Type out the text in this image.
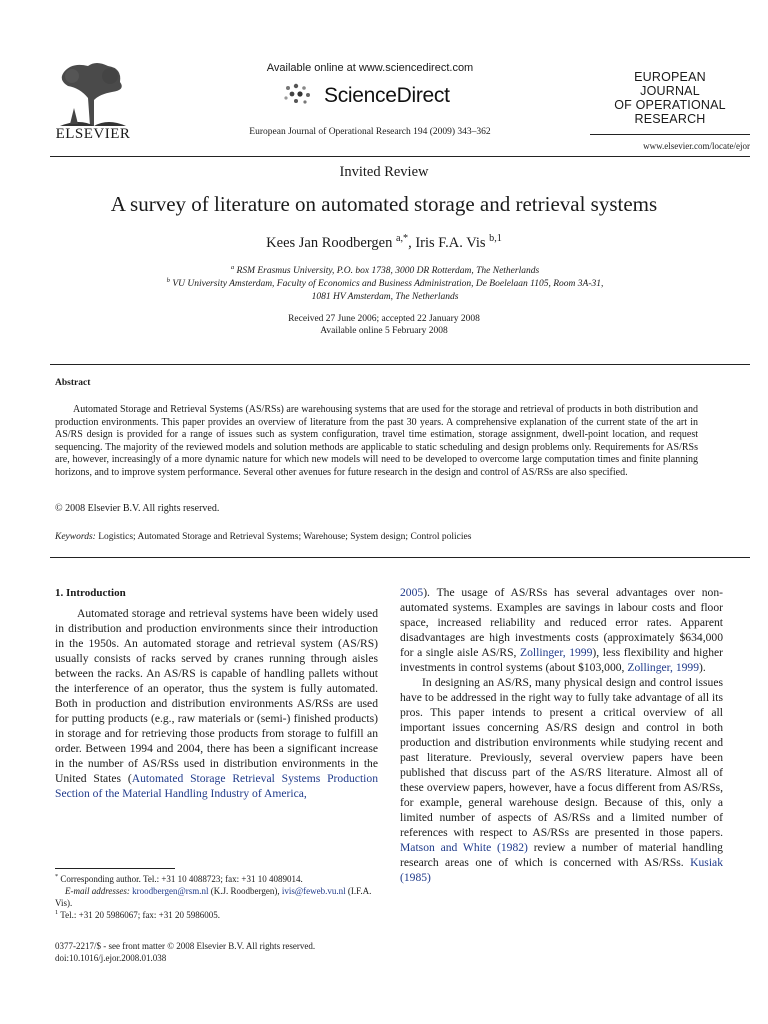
ELSEVIER
Available online at www.sciencedirect.com
ScienceDirect
European Journal of Operational Research 194 (2009) 343–362
EUROPEAN
JOURNAL
OF OPERATIONAL
RESEARCH
www.elsevier.com/locate/ejor
Invited Review
A survey of literature on automated storage and retrieval systems
Kees Jan Roodbergen $^{a,*}$, Iris F.A. Vis $^{b,1}$
$^a$ RSM Erasmus University, P.O. box 1738, 3000 DR Rotterdam, The Netherlands
$^b$ VU University Amsterdam, Faculty of Economics and Business Administration, De Boelelaan 1105, Room 3A-31,
1081 HV Amsterdam, The Netherlands
Received 27 June 2006; accepted 22 January 2008
Available online 5 February 2008
Abstract
Automated Storage and Retrieval Systems (AS/RSs) are warehousing systems that are used for the storage and retrieval of products in both distribution and production environments. This paper provides an overview of literature from the past 30 years. A comprehensive explanation of the current state of the art in AS/RS design is provided for a range of issues such as system configuration, travel time estimation, storage assignment, dwell-point location, and request sequencing. The majority of the reviewed models and solution methods are applicable to static scheduling and design problems only. Requirements for AS/RSs are, however, increasingly of a more dynamic nature for which new models will need to be developed to overcome large computation times and finite planning horizons, and to improve system performance. Several other avenues for future research in the design and control of AS/RSs are also specified.
© 2008 Elsevier B.V. All rights reserved.
Keywords: Logistics; Automated Storage and Retrieval Systems; Warehouse; System design; Control policies
1. Introduction

Automated storage and retrieval systems have been widely used in distribution and production environments since their introduction in the 1950s. An automated storage and retrieval system (AS/RS) usually consists of racks served by cranes running through aisles between the racks. An AS/RS is capable of handling pallets without the interference of an operator, thus the system is fully automated. Both in production and distribution environments AS/RSs are used for putting products (e.g., raw materials or (semi-) finished products) in storage and for retrieving those products from storage to fulfill an order. Between 1994 and 2004, there has been a significant increase in the number of AS/RSs used in distribution environments in the United States (Automated Storage Retrieval Systems Production Section of the Material Handling Industry of America,

2005). The usage of AS/RSs has several advantages over non-automated systems. Examples are savings in labour costs and floor space, increased reliability and reduced error rates. Apparent disadvantages are high investments costs (approximately $634,000 for a single aisle AS/RS, Zollinger, 1999), less flexibility and higher investments in control systems (about $103,000, Zollinger, 1999).

In designing an AS/RS, many physical design and control issues have to be addressed in the right way to fully take advantage of all its pros. This paper intends to present a critical overview of all important issues concerning AS/RS design and control in both production and distribution environments while studying recent and past literature. Previously, several overview papers have been published that discuss part of the AS/RS literature. Almost all of these overview papers, however, have a focus different from AS/RSs, for example, general warehouse design. Because of this, only a limited number of aspects of AS/RSs and a limited number of references with respect to AS/RSs are presented in those papers. Matson and White (1982) review a number of material handling research areas one of which is concerned with AS/RSs. Kusiak (1985)

* Corresponding author. Tel.: +31 10 4088723; fax: +31 10 4089014.
E-mail addresses: kroodbergen@rsm.nl (K.J. Roodbergen), ivis@feweb.vu.nl (I.F.A. Vis).
$^1$ Tel.: +31 20 5986067; fax: +31 20 5986005.
0377-2217/$ - see front matter © 2008 Elsevier B.V. All rights reserved.
doi:10.1016/j.ejor.2008.01.038
